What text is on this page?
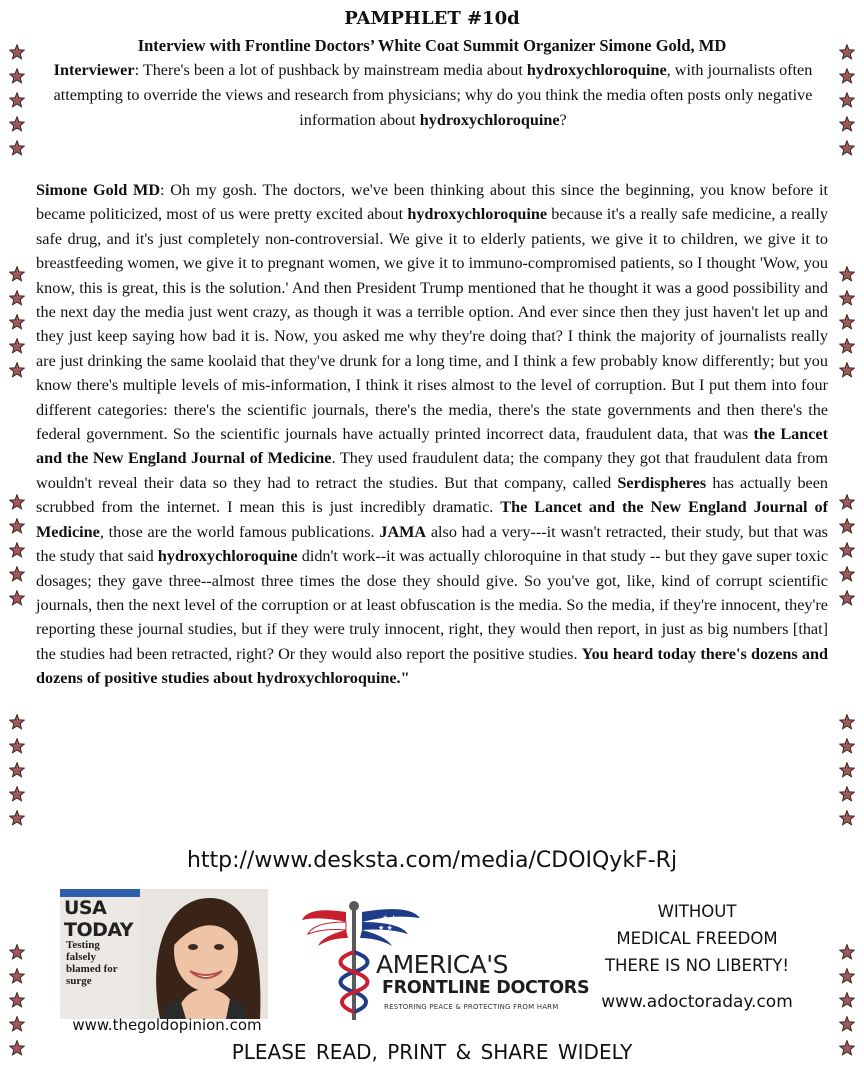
PAMPHLET #10d
Interview with Frontline Doctors’ White Coat Summit Organizer Simone Gold, MD
Interviewer: There's been a lot of pushback by mainstream media about hydroxychloroquine, with journalists often attempting to override the views and research from physicians; why do you think the media often posts only negative information about hydroxychloroquine?
Simone Gold MD: Oh my gosh. The doctors, we've been thinking about this since the beginning, you know before it became politicized, most of us were pretty excited about hydroxychloroquine because it's a really safe medicine, a really safe drug, and it's just completely non-controversial. We give it to elderly patients, we give it to children, we give it to breastfeeding women, we give it to pregnant women, we give it to immuno-compromised patients, so I thought 'Wow, you know, this is great, this is the solution.' And then President Trump mentioned that he thought it was a good possibility and the next day the media just went crazy, as though it was a terrible option. And ever since then they just haven't let up and they just keep saying how bad it is. Now, you asked me why they're doing that? I think the majority of journalists really are just drinking the same koolaid that they've drunk for a long time, and I think a few probably know differently; but you know there's multiple levels of mis-information, I think it rises almost to the level of corruption. But I put them into four different categories: there's the scientific journals, there's the media, there's the state governments and then there's the federal government. So the scientific journals have actually printed incorrect data, fraudulent data, that was the Lancet and the New England Journal of Medicine. They used fraudulent data; the company they got that fraudulent data from wouldn't reveal their data so they had to retract the studies. But that company, called Serdispheres has actually been scrubbed from the internet. I mean this is just incredibly dramatic. The Lancet and the New England Journal of Medicine, those are the world famous publications. JAMA also had a very---it wasn't retracted, their study, but that was the study that said hydroxychloroquine didn't work--it was actually chloroquine in that study -- but they gave super toxic dosages; they gave three--almost three times the dose they should give. So you've got, like, kind of corrupt scientific journals, then the next level of the corruption or at least obfuscation is the media. So the media, if they're innocent, they're reporting these journal studies, but if they were truly innocent, right, they would then report, in just as big numbers [that] the studies had been retracted, right? Or they would also report the positive studies. You heard today there's dozens and dozens of positive studies about hydroxychloroquine."
http://www.desksta.com/media/CDOIQykF-Rj
USA TODAY
Testing falsely blamed for surge
www.thegoldopinion.com
★ ★
★ ★
AMERICA'S
FRONTLINE DOCTORS
RESTORING PEACE & PROTECTING FROM HARM
WITHOUT
MEDICAL FREEDOM
THERE IS NO LIBERTY!
www.adoctoraday.com
PLEASE READ, PRINT & SHARE WIDELY
